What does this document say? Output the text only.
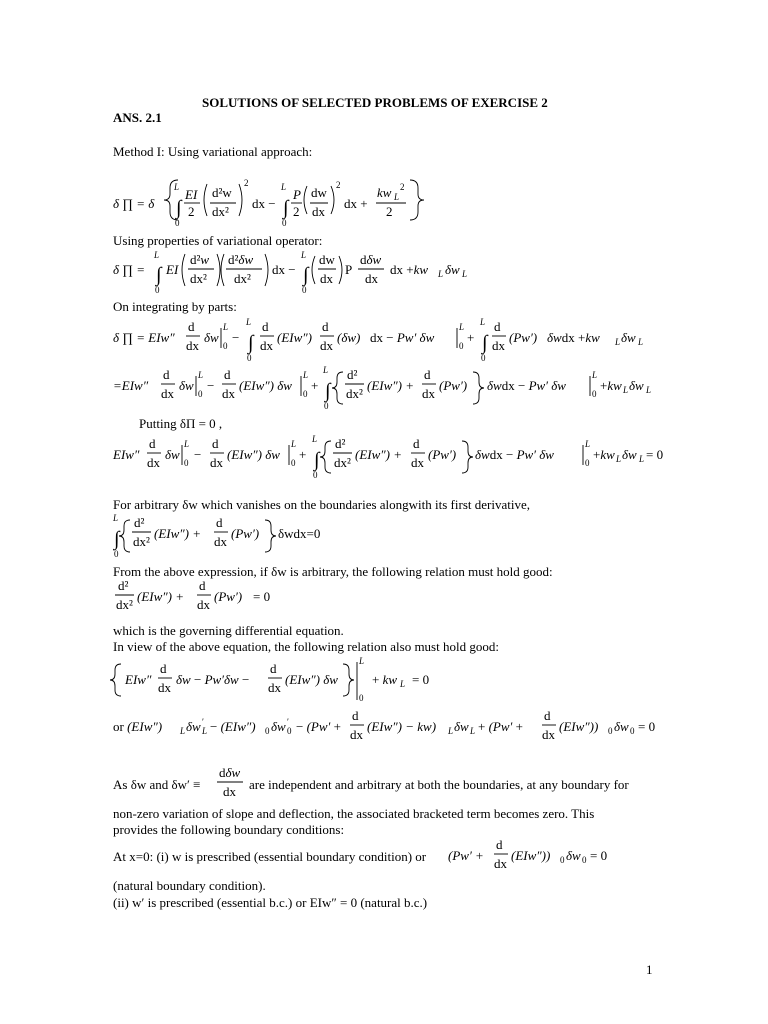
SOLUTIONS OF SELECTED PROBLEMS OF EXERCISE 2
ANS. 2.1
Method I: Using variational approach:
δ ∏ = δ
L
∫
0
EI
2
d²w
dx²
2
dx −
L
∫
0
P
2
dw
dx
2
dx +
kw L
2
2
δ ∏ =
L
∫
0
EI
d²w
dx²
d²δw
dx²
dx −
L
∫
0
dw
dx
P
dδw
dx
dx +kw L δw L
δ ∏ = EIw″
d
dx
δw
L
0
−
L
∫
0
d
dx
(EIw″)
d
dx
(δw) dx − Pw′ δw
L
0
+
L
∫
0
d
dx
(Pw′) δwdx +kw L δw L
=EIw″
d
dx
δw
L
0
−
d
dx
(EIw″) δw
L
0
+
L
∫
0
d²
dx²
(EIw″) +
d
dx
(Pw′) δwdx − Pw′ δw
L
0
+kw L δw L
EIw″
d
dx
δw
L
0
−
d
dx
(EIw″) δw
L
0
+
L
∫
0
d²
dx²
(EIw″) +
d
dx
(Pw′) δwdx − Pw′ δw
L
0
+kw L δw L = 0
L
∫
0
d²
dx²
(EIw″) +
d
dx
(Pw′) δwdx=0
d²
dx²
(EIw″) +
d
dx
(Pw′) = 0
EIw″
d
dx
δw − Pw′δw −
d
dx
(EIw″) δw
L
0
+ kw L = 0
or (EIw″) L δw ′
L − (EIw″) 0 δw ′
0 − (Pw′ +
d
dx
(EIw″) − kw) L δw L + (Pw′ +
d
dx
(EIw″)) 0 δw 0 = 0
dδw
dx
(Pw′ +
d
dx
(EIw″)) 0 δw 0 = 0
Using properties of variational operator:
On integrating by parts:
Putting δΠ = 0 ,
For arbitrary δw which vanishes on the boundaries alongwith its first derivative,
From the above expression, if δw is arbitrary, the following relation must hold good:
which is the governing differential equation.
In view of the above equation, the following relation also must hold good:
As δw and δw′ ≡	are independent and arbitrary at both the boundaries, at any boundary for
non-zero variation of slope and deflection, the associated bracketed term becomes zero. This
provides the following boundary conditions:
At x=0: (i) w is prescribed (essential boundary condition) or
(natural boundary condition).
(ii) w′ is prescribed (essential b.c.) or EIw″ = 0 (natural b.c.)
1
